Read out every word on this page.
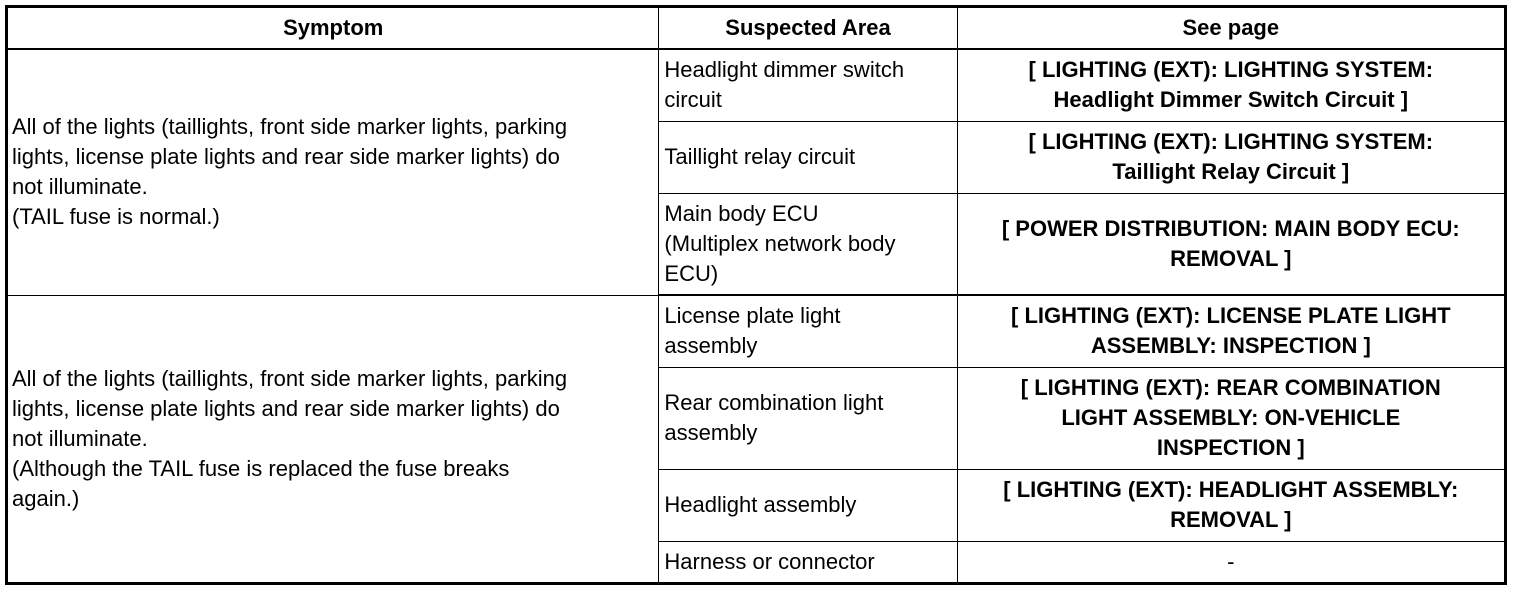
Symptom	Suspected Area	See page

All of the lights (taillights, front side marker lights, parking
lights, license plate lights and rear side marker lights) do
not illuminate.
(TAIL fuse is normal.)	Headlight dimmer switch
circuit	[ LIGHTING (EXT): LIGHTING SYSTEM:
Headlight Dimmer Switch Circuit ]

	Taillight relay circuit	[ LIGHTING (EXT): LIGHTING SYSTEM:
Taillight Relay Circuit ]

	Main body ECU
(Multiplex network body
ECU)	[ POWER DISTRIBUTION: MAIN BODY ECU:
REMOVAL ]

All of the lights (taillights, front side marker lights, parking
lights, license plate lights and rear side marker lights) do
not illuminate.
(Although the TAIL fuse is replaced the fuse breaks
again.)	License plate light
assembly	[ LIGHTING (EXT): LICENSE PLATE LIGHT
ASSEMBLY: INSPECTION ]

	Rear combination light
assembly	[ LIGHTING (EXT): REAR COMBINATION
LIGHT ASSEMBLY: ON-VEHICLE
INSPECTION ]

	Headlight assembly	[ LIGHTING (EXT): HEADLIGHT ASSEMBLY:
REMOVAL ]

	Harness or connector	-
